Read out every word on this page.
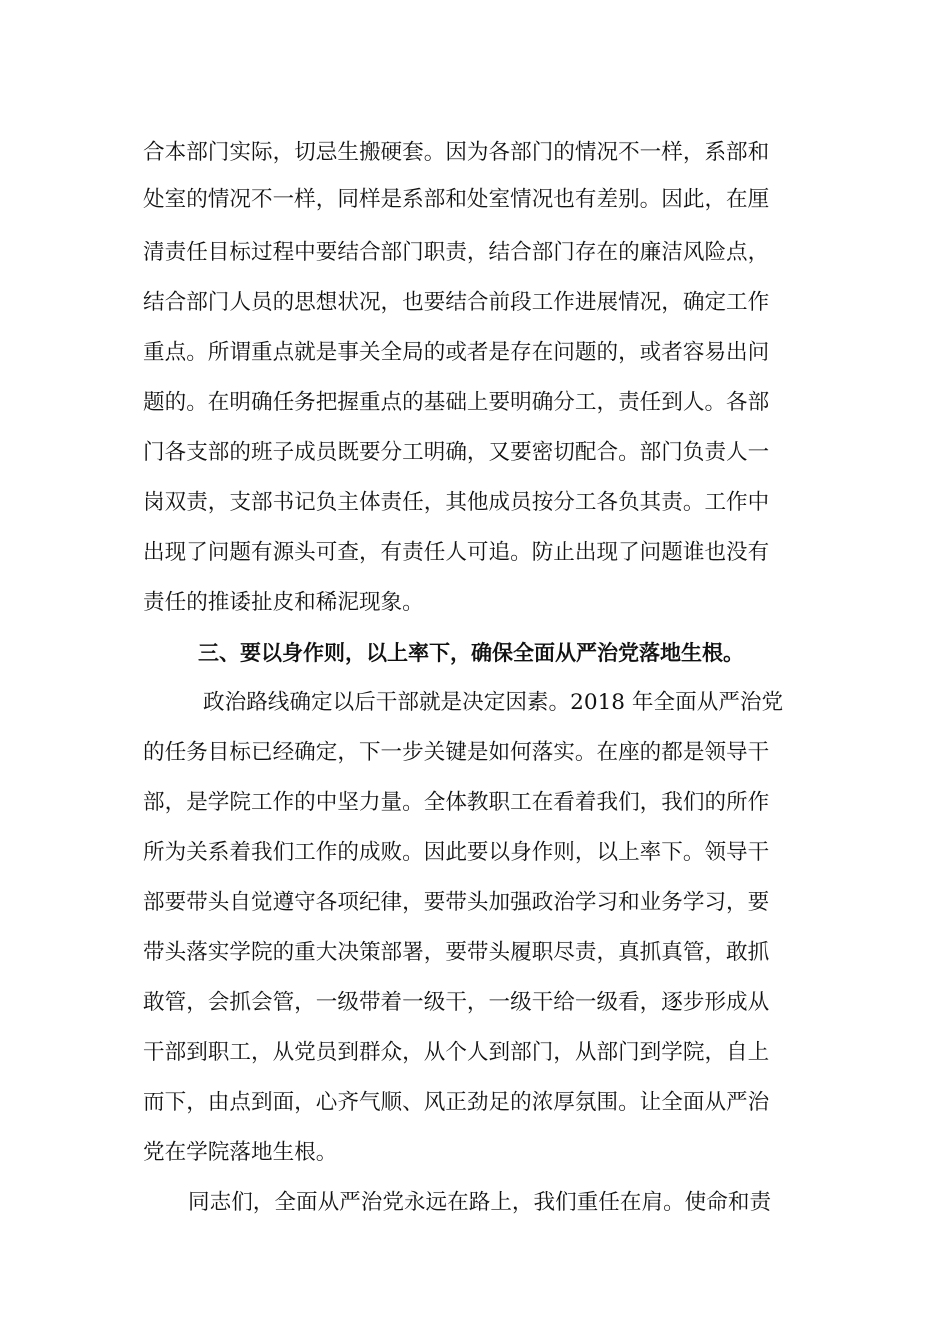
合本部门实际，切忌生搬硬套。因为各部门的情况不一样，系部和
处室的情况不一样，同样是系部和处室情况也有差别。因此，在厘
清责任目标过程中要结合部门职责，结合部门存在的廉洁风险点，
结合部门人员的思想状况，也要结合前段工作进展情况，确定工作
重点。所谓重点就是事关全局的或者是存在问题的，或者容易出问
题的。在明确任务把握重点的基础上要明确分工，责任到人。各部
门各支部的班子成员既要分工明确，又要密切配合。部门负责人一
岗双责，支部书记负主体责任，其他成员按分工各负其责。工作中
出现了问题有源头可查，有责任人可追。防止出现了问题谁也没有
责任的推诿扯皮和稀泥现象。
三、要以身作则，以上率下，确保全面从严治党落地生根。
政治路线确定以后干部就是决定因素。2018 年全面从严治党
的任务目标已经确定，下一步关键是如何落实。在座的都是领导干
部，是学院工作的中坚力量。全体教职工在看着我们，我们的所作
所为关系着我们工作的成败。因此要以身作则，以上率下。领导干
部要带头自觉遵守各项纪律，要带头加强政治学习和业务学习，要
带头落实学院的重大决策部署，要带头履职尽责，真抓真管，敢抓
敢管，会抓会管，一级带着一级干，一级干给一级看，逐步形成从
干部到职工，从党员到群众，从个人到部门，从部门到学院，自上
而下，由点到面，心齐气顺、风正劲足的浓厚氛围。让全面从严治
党在学院落地生根。
同志们，全面从严治党永远在路上，我们重任在肩。使命和责
